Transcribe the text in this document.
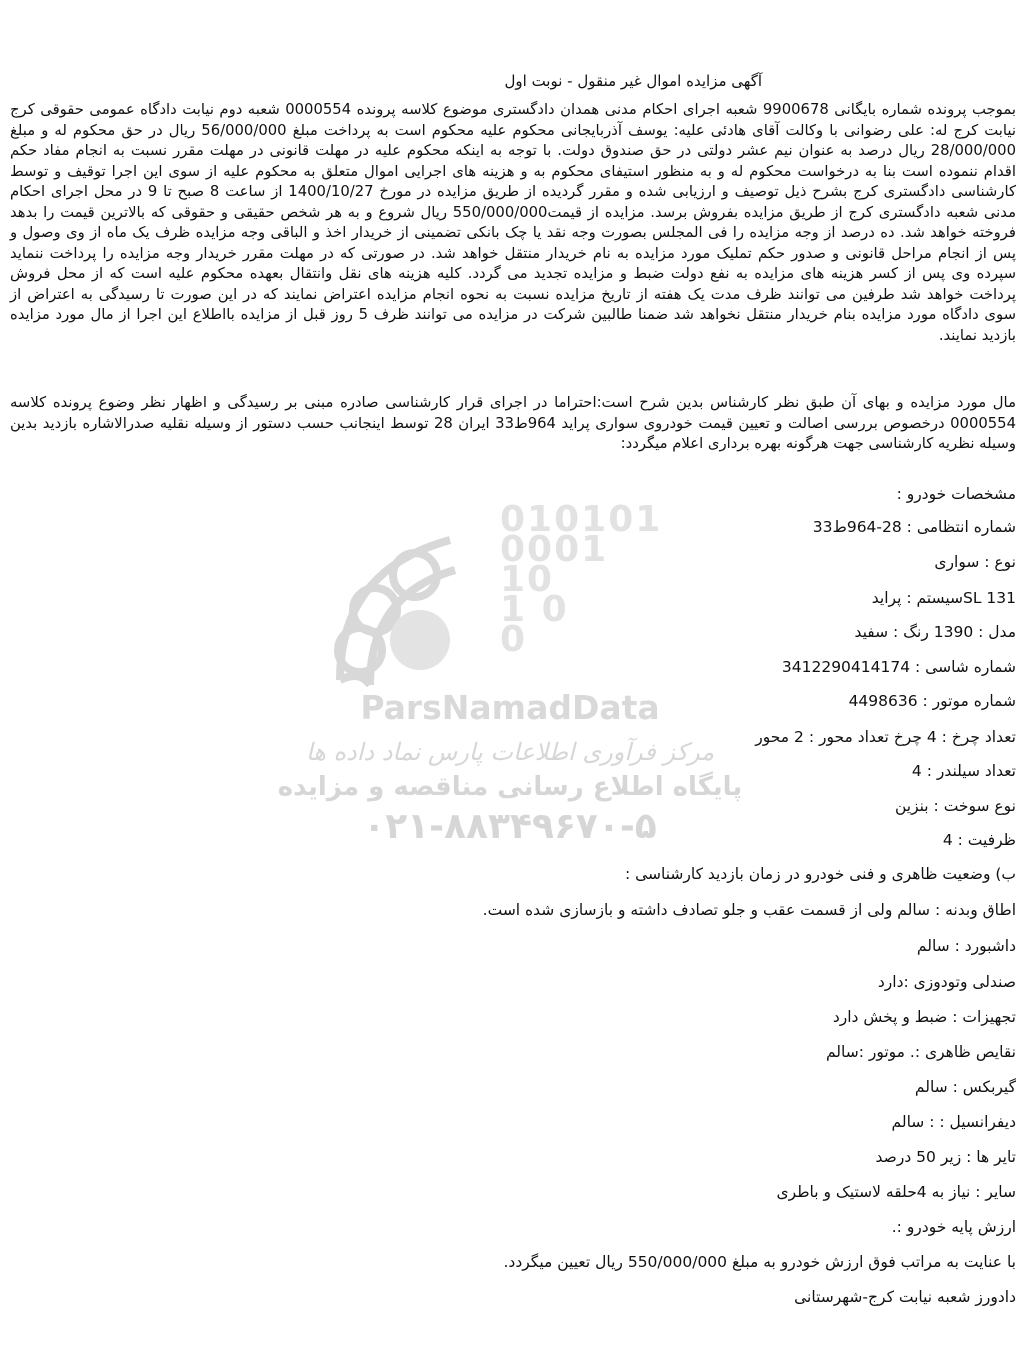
010101
0001
10
1 0
0
ParsNamadData
مرکز فرآوری اطلاعات پارس نماد داده ها
پایگاه اطلاع رسانی مناقصه و مزایده
۰۲۱-۸۸۳۴۹۶۷۰-۵
آگهی مزایده اموال غیر منقول - نوبت اول
بموجب پرونده شماره بایگانی 9900678 شعبه اجرای احکام مدنی همدان دادگستری موضوع کلاسه پرونده 0000554 شعبه دوم نیابت دادگاه عمومی حقوقی کرج نیابت کرج له: علی رضوانی با وکالت آقای هادئی علیه: یوسف آذربایجانی محکوم علیه محکوم است به پرداخت مبلغ 56/000/000 ریال در حق محکوم له و مبلغ 28/000/000 ریال درصد به عنوان نیم عشر دولتی در حق صندوق دولت. با توجه به اینکه محکوم علیه در مهلت قانونی در مهلت مقرر نسبت به انجام مفاد حکم اقدام ننموده است بنا به درخواست محکوم له و به منظور استیفای محکوم به و هزینه های اجرایی اموال متعلق به محکوم علیه از سوی این اجرا توقیف و توسط کارشناسی دادگستری کرج بشرح ذیل توصیف و ارزیابی شده و مقرر گردیده از طریق مزایده در مورخ 1400/10/27 از ساعت 8 صبح تا 9 در محل اجرای احکام مدنی شعبه دادگستری کرج از طریق مزایده بفروش برسد. مزایده از قیمت550/000/000 ریال شروع و به هر شخص حقیقی و حقوقی که بالاترین قیمت را بدهد فروخته خواهد شد. ده درصد از وجه مزایده را فی المجلس بصورت وجه نقد یا چک بانکی تضمینی از خریدار اخذ و الباقی وجه مزایده ظرف یک ماه از وی وصول و پس از انجام مراحل قانونی و صدور حکم تملیک مورد مزایده به نام خریدار منتقل خواهد شد. در صورتی که در مهلت مقرر خریدار وجه مزایده را پرداخت ننماید سپرده وی پس از کسر هزینه های مزایده به نفع دولت ضبط و مزایده تجدید می گردد. کلیه هزینه های نقل وانتقال بعهده محکوم علیه است که از محل فروش پرداخت خواهد شد طرفین می توانند ظرف مدت یک هفته از تاریخ مزایده نسبت به نحوه انجام مزایده اعتراض نمایند که در این صورت تا رسیدگی به اعتراض از سوی دادگاه مورد مزایده بنام خریدار منتقل نخواهد شد ضمنا طالبین شرکت در مزایده می توانند ظرف 5 روز قبل از مزایده بااطلاع این اجرا از مال مورد مزایده بازدید نمایند.
مال مورد مزایده و بهای آن طبق نظر کارشناس بدین شرح است:احتراما در اجرای قرار کارشناسی صادره مبنی بر رسیدگی و اظهار نظر وضوع پرونده کلاسه 0000554 درخصوص بررسی اصالت و تعیین قیمت خودروی سواری پراید 964ط33 ایران 28 توسط اینجانب حسب دستور از وسیله نقلیه صدرالاشاره بازدید بدین وسیله نظریه کارشناسی جهت هرگونه بهره برداری اعلام میگردد:
مشخصات خودرو :
شماره انتظامی : 28-964ط33
نوع : سواری
131 SLسیستم : پراید
مدل : 1390 رنگ : سفید
شماره شاسی : 3412290414174
شماره موتور : 4498636
تعداد چرخ : 4 چرخ تعداد محور : 2 محور
تعداد سیلندر : 4
نوع سوخت : بنزین
ظرفیت : 4
ب) وضعیت ظاهری و فنی خودرو در زمان بازدید کارشناسی :
اطاق وبدنه : سالم ولی از قسمت عقب و جلو تصادف داشته و بازسازی شده است.
داشبورد : سالم
صندلی وتودوزی :دارد
تجهیزات : ضبط و پخش دارد
نقایص ظاهری :. موتور :سالم
گیربکس : سالم
دیفرانسیل : : سالم
تایر ها : زیر 50 درصد
سایر : نیاز به 4حلقه لاستیک و باطری
ارزش پایه خودرو :.
با عنایت به مراتب فوق ارزش خودرو به مبلغ 550/000/000 ریال تعیین میگردد.
دادورز شعبه نیابت کرج-شهرستانی
